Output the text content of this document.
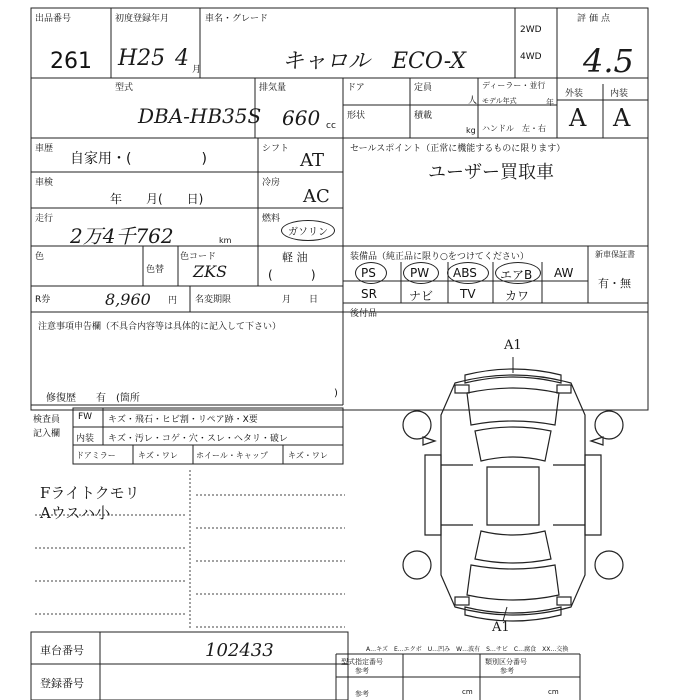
出品番号
261
初度登録年月
H25 4 月
車名・グレード
キャロル　ECO-X
2WD
4WD
評価点
4.5
型式
DBA-HB35S
排気量
660 cc
ドア	定員
人
形状	積載
kg
ディーラー・並行
モデル年式	年
ハンドル　左・右
外装	内装
A A
車歴
自家用・(　　　　　)
シフト
AT
車検
年　　月(　　日)
冷房
AC
走行
2万4千762	km
燃料
ガソリン
軽 油
(          )
色
色替
色コード
ZKS
R券	8,960 円 名変期限	月　　日
セールスポイント（正常に機能するものに限ります）
ユーザー買取車
装備品（純正品に限り○をつけてください）	新車保証書
有・無
PS	PW ABS エアB AW
SR	ナビ TV カワ
後付品
注意事項申告欄（不具合内容等は具体的に記入して下さい）
修復歴　　有　(箇所	)
検査員
記入欄
FW キズ・飛石・ヒビ割・リペア跡・X要
内装 キズ・汚レ・コゲ・穴・スレ・ヘタリ・破レ
ドアミラー	キズ・ワレ ホイール・キャップ	キズ・ワレ
Fライトクモリ
Aウスハ小
A1
A1
A…キズ　E…エクボ　U…凹み　W…波有　S…サビ　C…腐食　XX…交換
車台番号	102433
登録番号
型式指定番号	類別区分番号
参考	参考
参考	cm	cm
